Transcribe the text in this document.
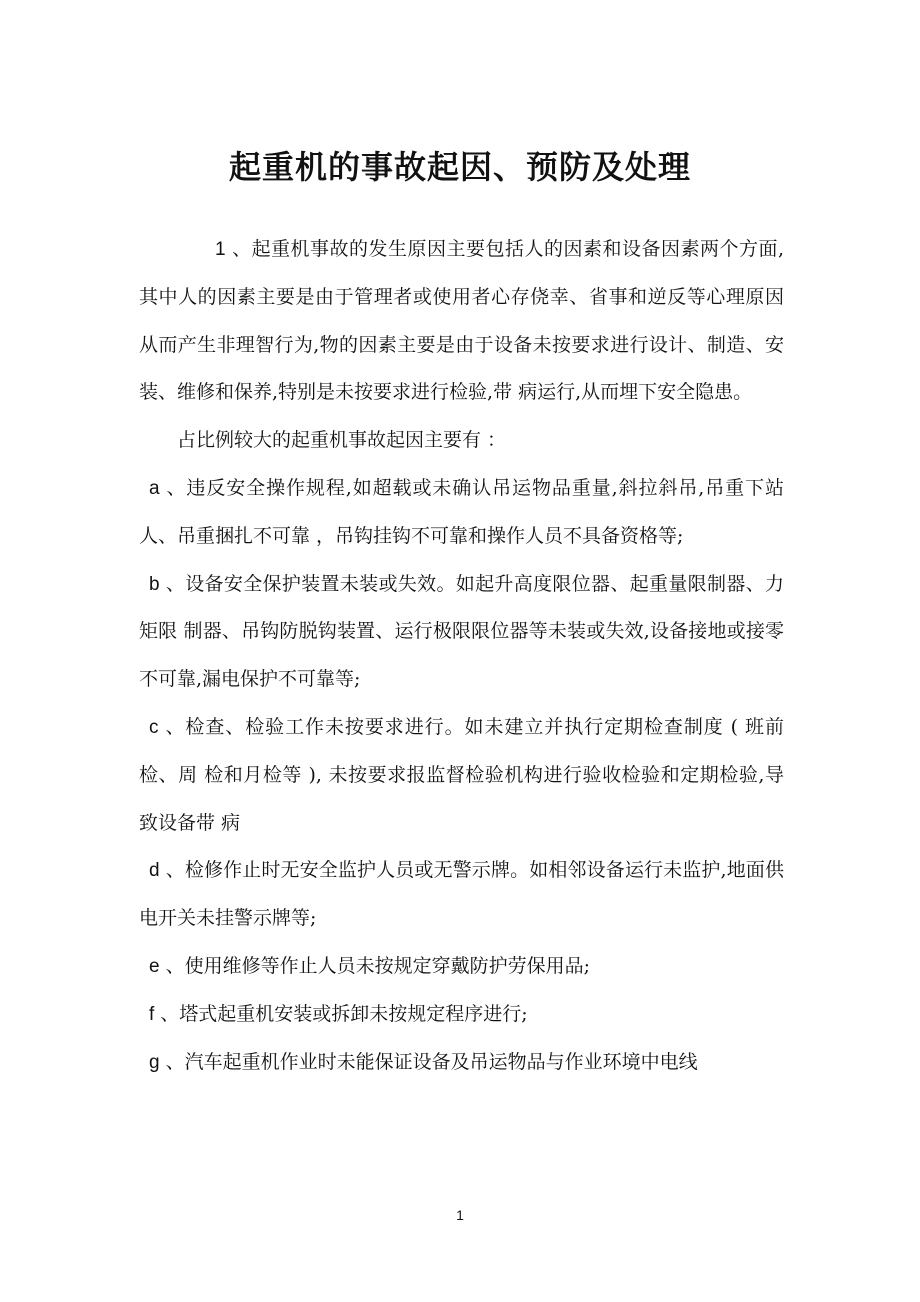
起重机的事故起因、预防及处理

1 、起重机事故的发生原因主要包括人的因素和设备因素两个方面,其中人的因素主要是由于管理者或使用者心存侥幸、省事和逆反等心理原因从而产生非理智行为,物的因素主要是由于设备未按要求进行设计、制造、安装、维修和保养,特别是未按要求进行检验,带 病运行,从而埋下安全隐患。

占比例较大的起重机事故起因主要有 ：

a 、违反安全操作规程,如超载或未确认吊运物品重量,斜拉斜吊,吊重下站人、吊重捆扎不可靠 ，吊钩挂钩不可靠和操作人员不具备资格等;

b 、设备安全保护装置未装或失效。如起升高度限位器、起重量限制器、力矩限 制器、吊钩防脱钩装置、运行极限限位器等未装或失效,设备接地或接零不可靠,漏电保护不可靠等;

c 、检查、检验工作未按要求进行。如未建立并执行定期检查制度 ( 班前检、周 检和月检等 ), 未按要求报监督检验机构进行验收检验和定期检验,导致设备带 病

d 、检修作止时无安全监护人员或无警示牌。如相邻设备运行未监护,地面供电开关未挂警示牌等;

e 、使用维修等作止人员未按规定穿戴防护劳保用品;

f 、塔式起重机安装或拆卸未按规定程序进行;

g 、汽车起重机作业时未能保证设备及吊运物品与作业环境中电线

1
